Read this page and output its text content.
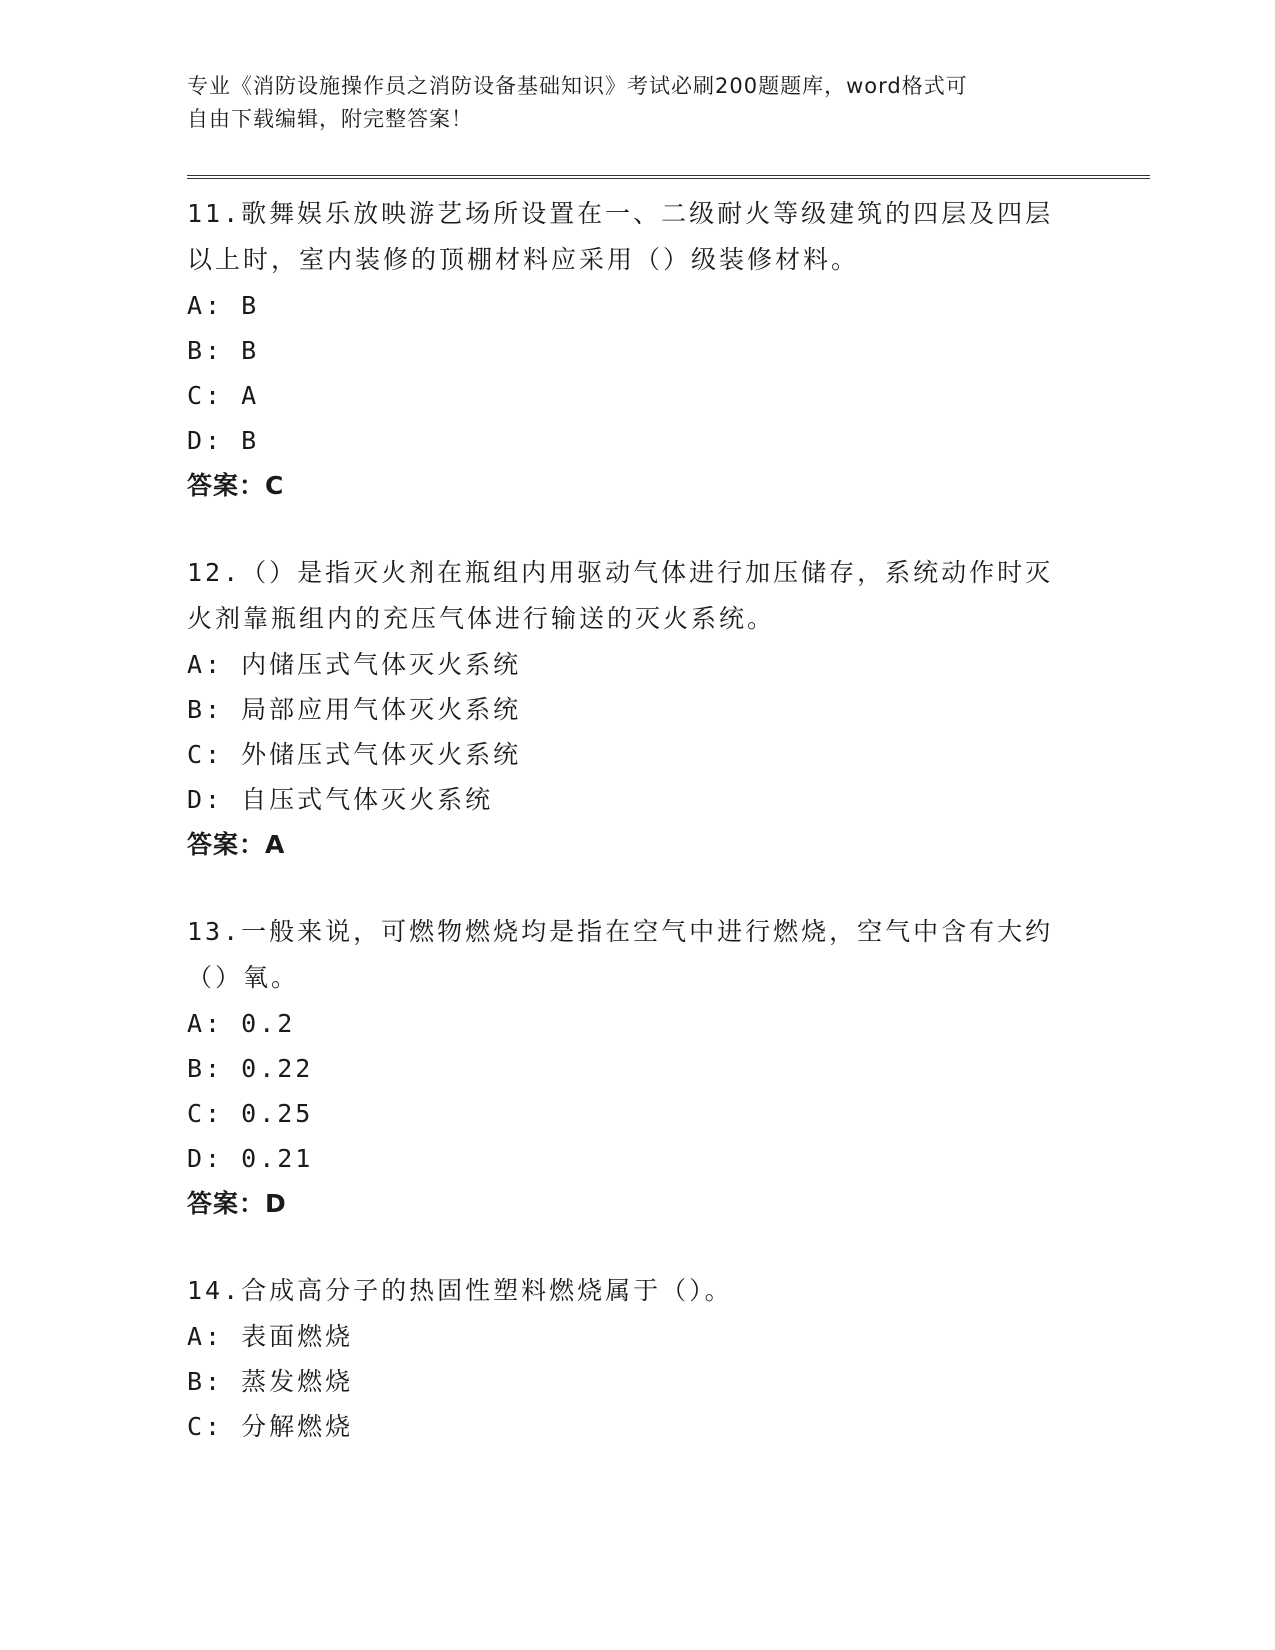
专业《消防设施操作员之消防设备基础知识》考试必刷200题题库，word格式可

自由下载编辑，附完整答案！

11.歌舞娱乐放映游艺场所设置在一、二级耐火等级建筑的四层及四层

以上时，室内装修的顶棚材料应采用（）级装修材料。

A: B

B: B

C: A

D: B

答案：C

12.（）是指灭火剂在瓶组内用驱动气体进行加压储存，系统动作时灭

火剂靠瓶组内的充压气体进行输送的灭火系统。

A: 内储压式气体灭火系统

B: 局部应用气体灭火系统

C: 外储压式气体灭火系统

D: 自压式气体灭火系统

答案：A

13.一般来说，可燃物燃烧均是指在空气中进行燃烧，空气中含有大约

（）氧。

A: 0.2

B: 0.22

C: 0.25

D: 0.21

答案：D

14.合成高分子的热固性塑料燃烧属于（）。

A: 表面燃烧

B: 蒸发燃烧

C: 分解燃烧
